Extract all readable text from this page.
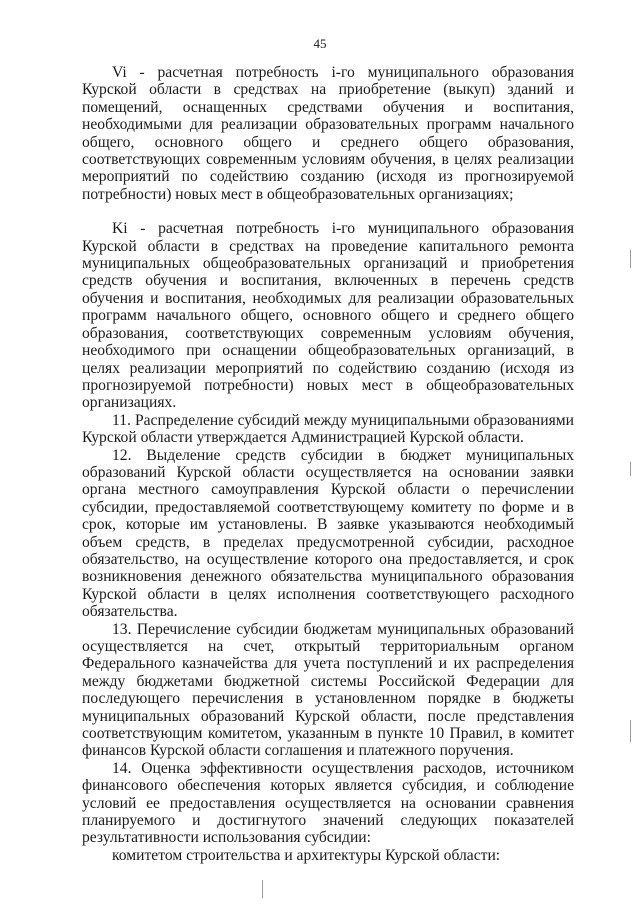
45

Vi - расчетная потребность i-го муниципального образования Курской области в средствах на приобретение (выкуп) зданий и помещений, оснащенных средствами обучения и воспитания, необходимыми для реализации образовательных программ начального общего, основного общего и среднего общего образования, соответствующих современным условиям обучения, в целях реализации мероприятий по содействию созданию (исходя из прогнозируемой потребности) новых мест в общеобразовательных организациях;

Ki - расчетная потребность i-го муниципального образования Курской области в средствах на проведение капитального ремонта муниципальных общеобразовательных организаций и приобретения средств обучения и воспитания, включенных в перечень средств обучения и воспитания, необходимых для реализации образовательных программ начального общего, основного общего и среднего общего образования, соответствующих современным условиям обучения, необходимого при оснащении общеобразовательных организаций, в целях реализации мероприятий по содействию созданию (исходя из прогнозируемой потребности) новых мест в общеобразовательных организациях.

11. Распределение субсидий между муниципальными образованиями Курской области утверждается Администрацией Курской области.

12. Выделение средств субсидии в бюджет муниципальных образований Курской области осуществляется на основании заявки органа местного самоуправления Курской области о перечислении субсидии, предоставляемой соответствующему комитету по форме и в срок, которые им установлены. В заявке указываются необходимый объем средств, в пределах предусмотренной субсидии, расходное обязательство, на осуществление которого она предоставляется, и срок возникновения денежного обязательства муниципального образования Курской области в целях исполнения соответствующего расходного обязательства.

13. Перечисление субсидии бюджетам муниципальных образований осуществляется на счет, открытый территориальным органом Федерального казначейства для учета поступлений и их распределения между бюджетами бюджетной системы Российской Федерации для последующего перечисления в установленном порядке в бюджеты муниципальных образований Курской области, после представления соответствующим комитетом, указанным в пункте 10 Правил, в комитет финансов Курской области соглашения и платежного поручения.

14. Оценка эффективности осуществления расходов, источником финансового обеспечения которых является субсидия, и соблюдение условий ее предоставления осуществляется на основании сравнения планируемого и достигнутого значений следующих показателей результативности использования субсидии:

комитетом строительства и архитектуры Курской области:
